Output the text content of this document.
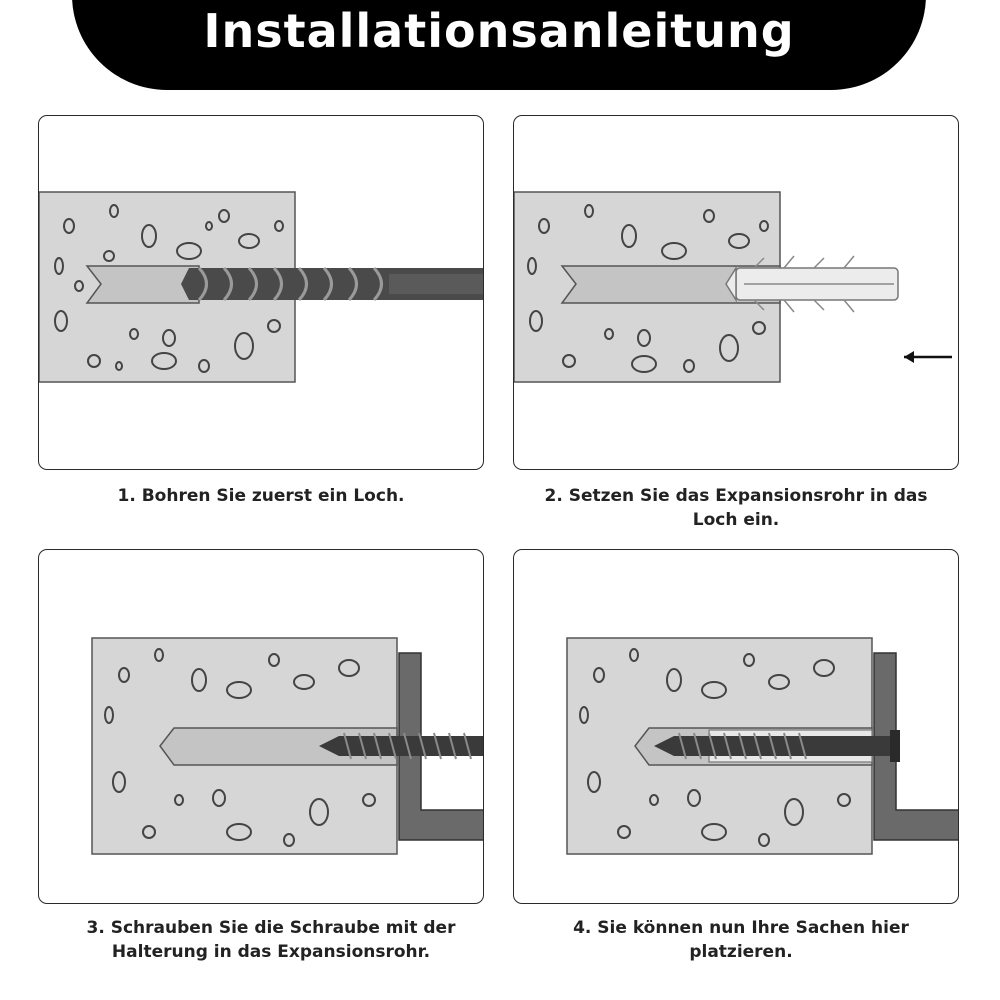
Installationsanleitung
1. Bohren Sie zuerst ein Loch.	2. Setzen Sie das Expansionsrohr in das Loch ein.
3. Schrauben Sie die Schraube mit der Halterung in das Expansionsrohr.
4. Sie können nun Ihre Sachen hier platzieren.
